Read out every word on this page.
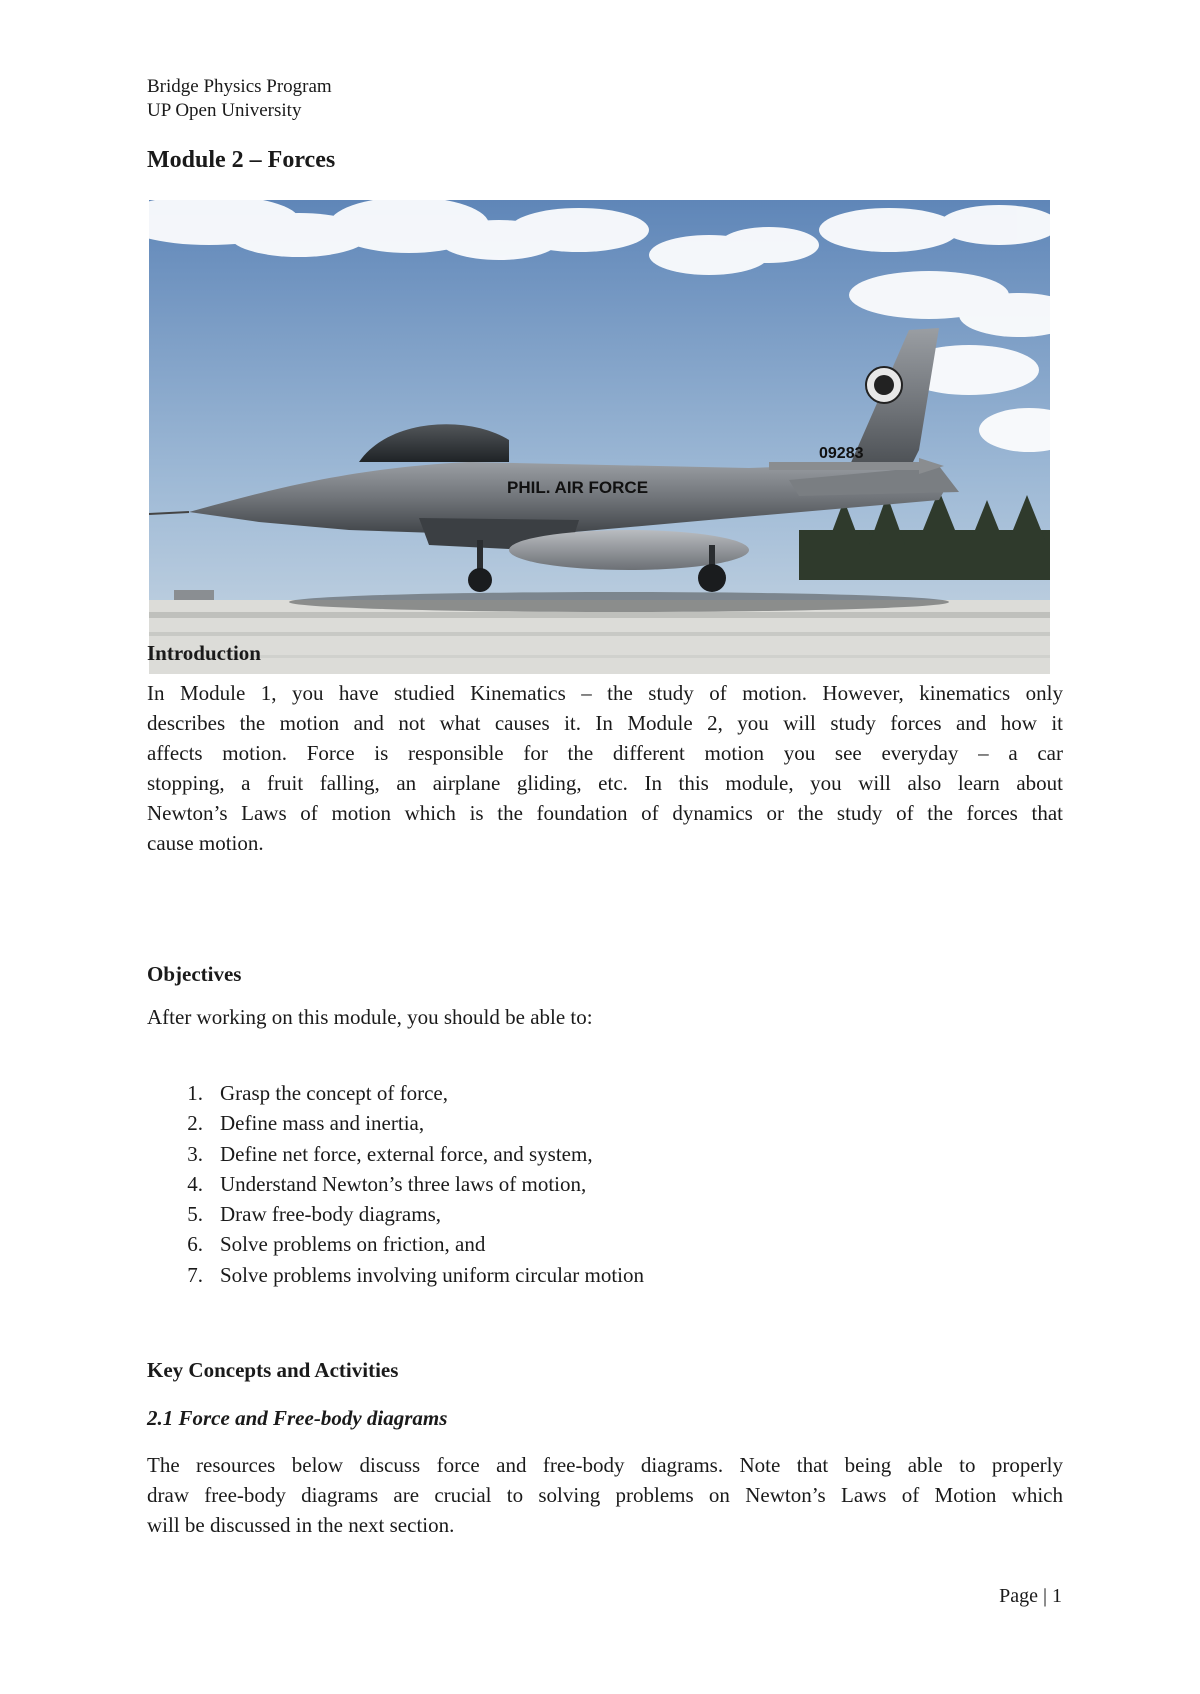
Bridge Physics Program
UP Open University
Module 2 – Forces
09283
PHIL. AIR FORCE
Introduction

In Module 1, you have studied Kinematics – the study of motion. However, kinematics only

describes the motion and not what causes it. In Module 2, you will study forces and how it

affects motion. Force is responsible for the different motion you see everyday – a car

stopping, a fruit falling, an airplane gliding, etc. In this module, you will also learn about

Newton’s Laws of motion which is the foundation of dynamics or the study of the forces that

cause motion.

Objectives

After working on this module, you should be able to:

1. Grasp the concept of force,
2. Define mass and inertia,
3. Define net force, external force, and system,
4. Understand Newton’s three laws of motion,
5. Draw free-body diagrams,
6. Solve problems on friction, and
7. Solve problems involving uniform circular motion
Key Concepts and Activities
2.1 Force and Free-body diagrams

The resources below discuss force and free-body diagrams. Note that being able to properly

draw free-body diagrams are crucial to solving problems on Newton’s Laws of Motion which

will be discussed in the next section.

Page | 1
